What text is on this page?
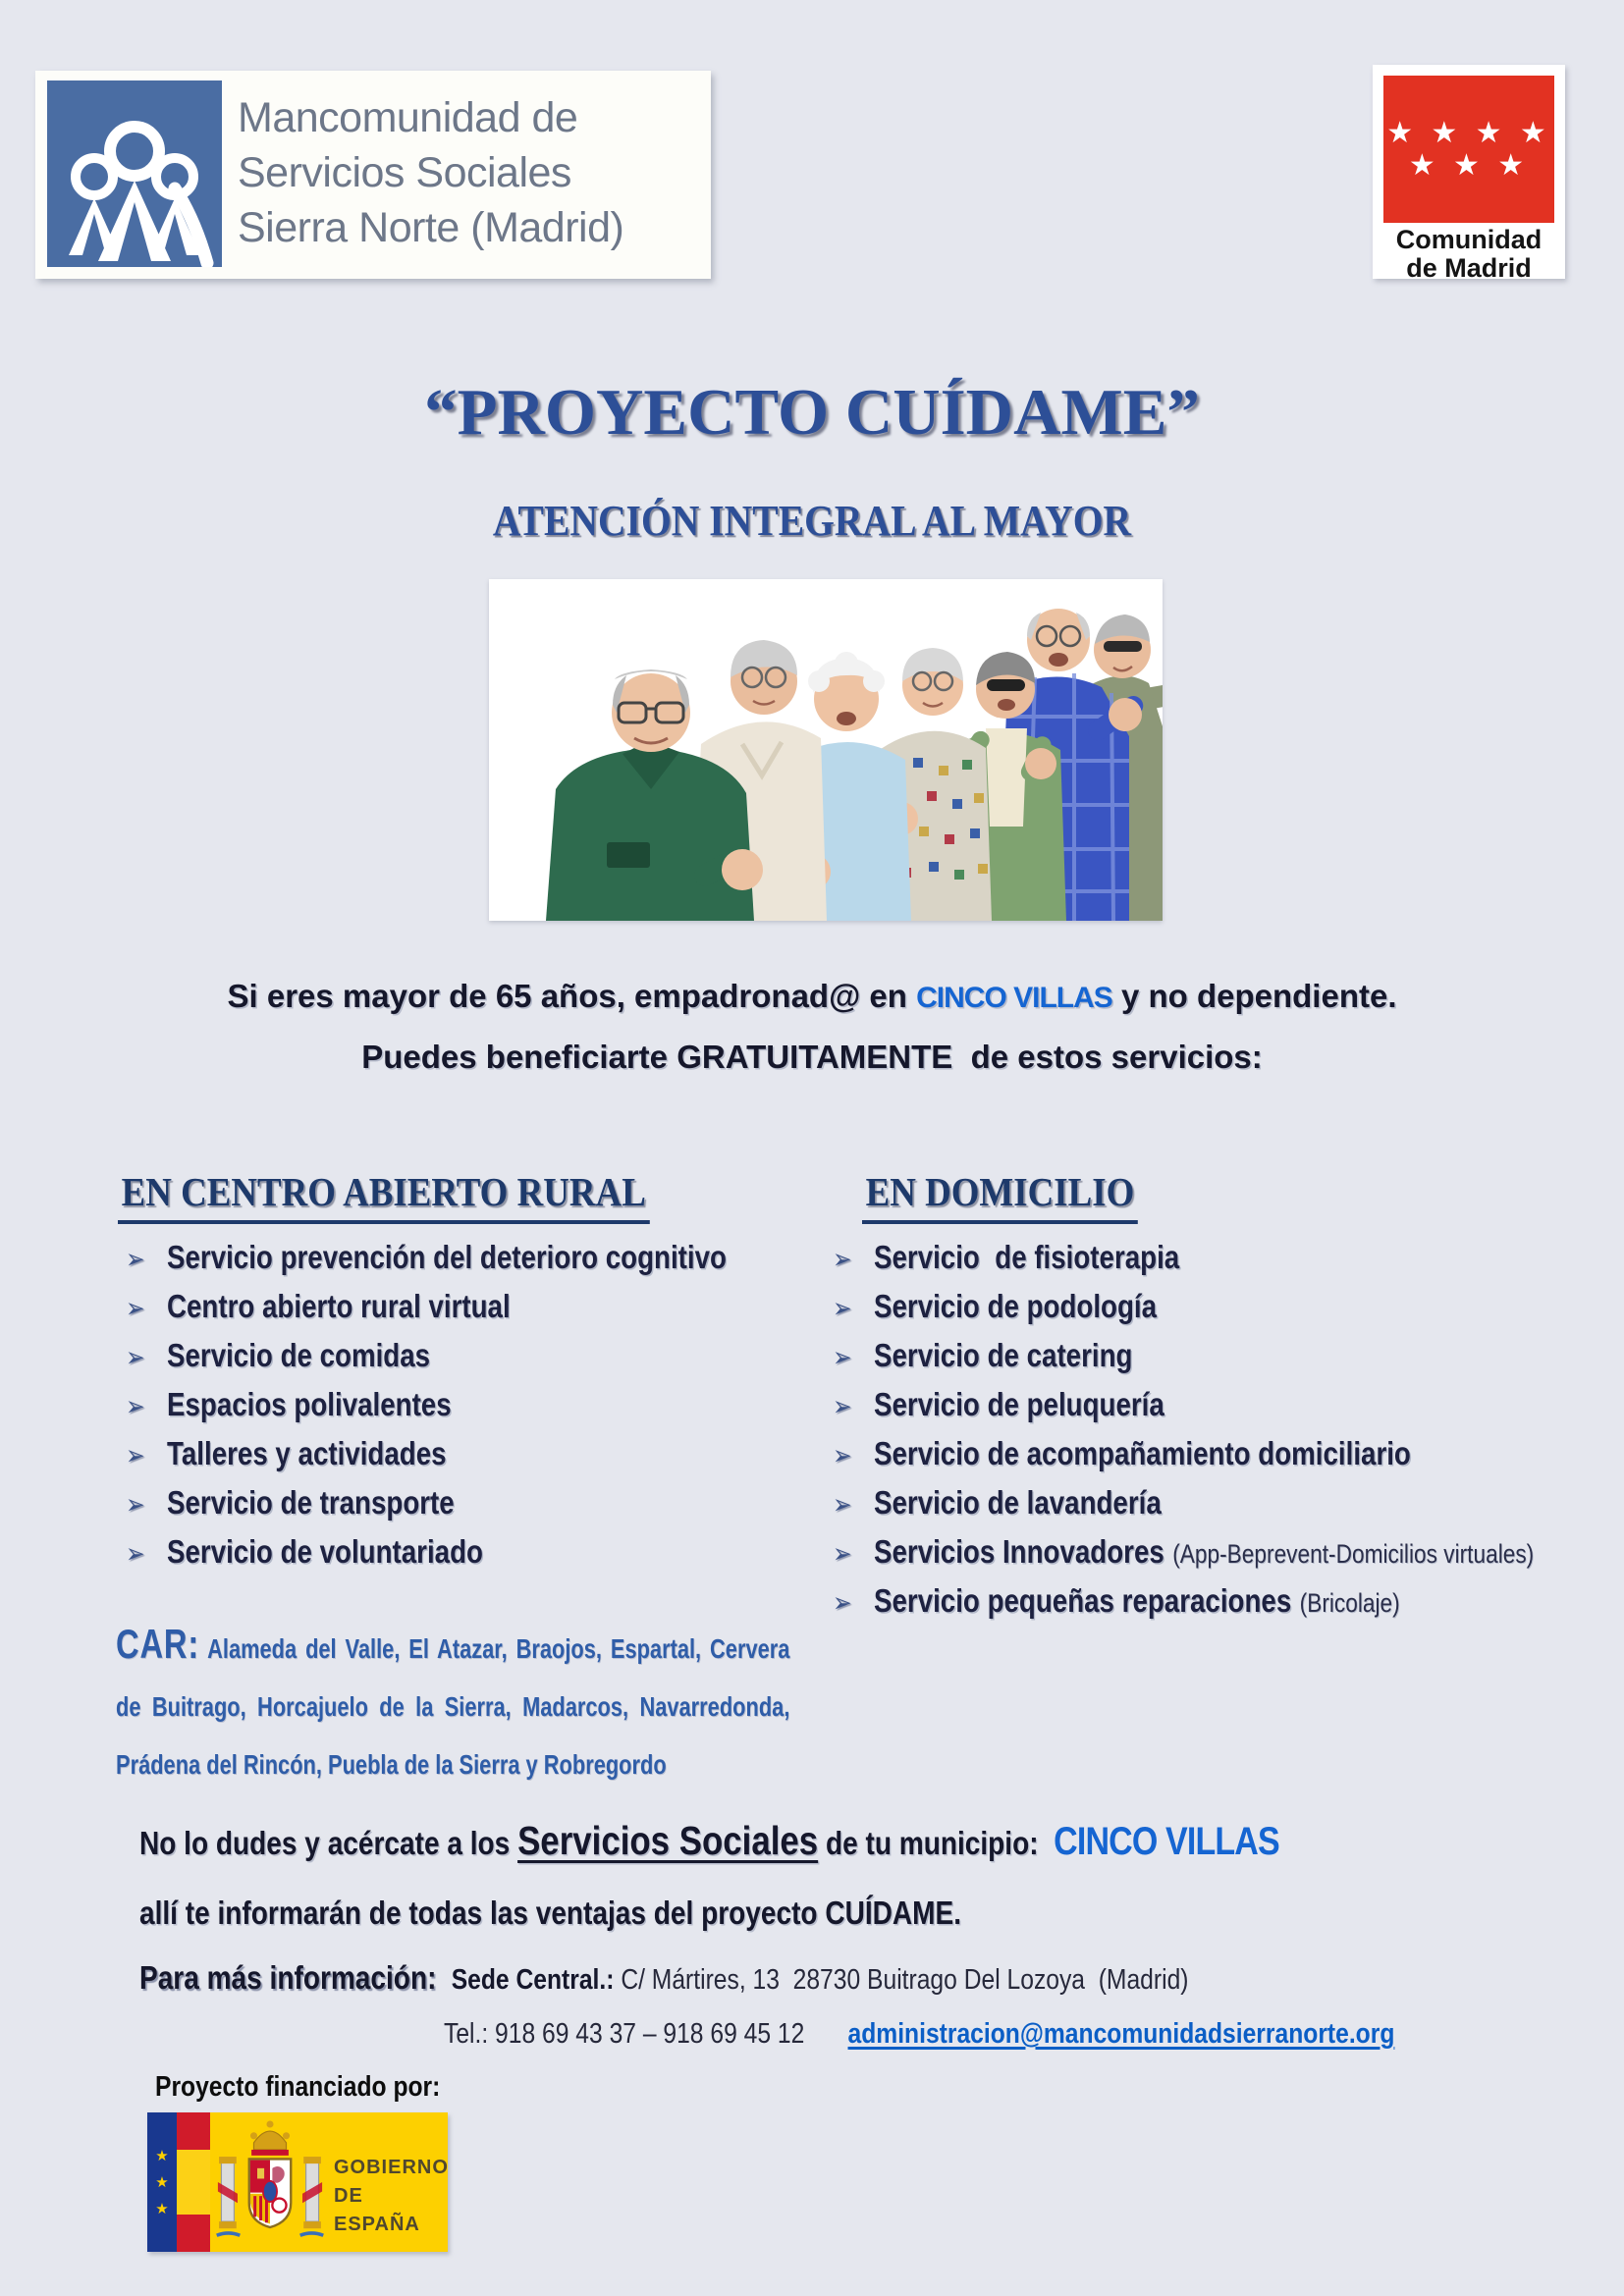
Mancomunidad de
Servicios Sociales
Sierra Norte (Madrid)
★ ★ ★ ★
★ ★ ★
Comunidad
de Madrid
“PROYECTO CUÍDAME”
ATENCIÓN INTEGRAL AL MAYOR
Si eres mayor de 65 años, empadronad@ en CINCO VILLAS y no dependiente.
Puedes beneficiarte GRATUITAMENTE  de estos servicios:
EN CENTRO ABIERTO RURAL	EN DOMICILIO
➢ Servicio prevención del deterioro cognitivo
➢ Centro abierto rural virtual
➢ Servicio de comidas
➢ Espacios polivalentes
➢ Talleres y actividades
➢ Servicio de transporte
➢ Servicio de voluntariado
➢ Servicio  de fisioterapia
➢ Servicio de podología
➢ Servicio de catering
➢ Servicio de peluquería
➢ Servicio de acompañamiento domiciliario
➢ Servicio de lavandería
➢ Servicios Innovadores (App-Beprevent-Domicilios virtuales)
➢ Servicio pequeñas reparaciones (Bricolaje)
CAR: Alameda del Valle, El Atazar, Braojos, Espartal, Cervera de Buitrago, Horcajuelo de la Sierra, Madarcos, Navarredonda, Prádena del Rincón, Puebla de la Sierra y Robregordo
No lo dudes y acércate a los Servicios Sociales de tu municipio:  CINCO VILLAS
allí te informarán de todas las ventajas del proyecto CUÍDAME.
Para más información: Sede Central.: C/ Mártires, 13  28730 Buitrago Del Lozoya  (Madrid)
Tel.: 918 69 43 37 – 918 69 45 12 administracion@mancomunidadsierranorte.org
Proyecto financiado por:
★
★
★
GOBIERNO
DE ESPAÑA
